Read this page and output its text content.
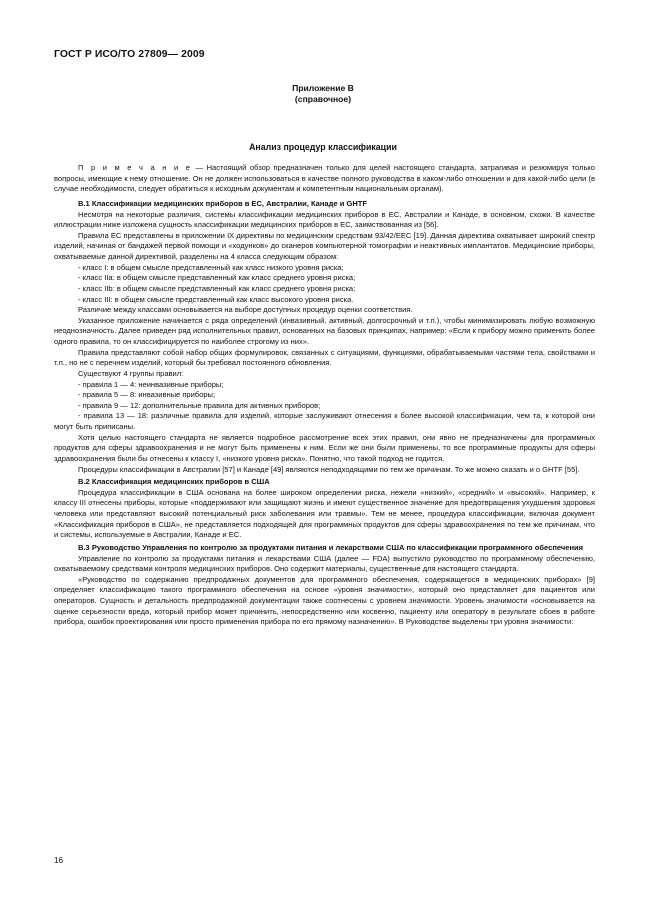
ГОСТ Р ИСО/ТО 27809— 2009
Приложение В
(справочное)
Анализ процедур классификации

П р и м е ч а н и е — Настоящий обзор предназначен только для целей настоящего стандарта, затрагивая и резюмируя только вопросы, имеющие к нему отношение. Он не должен использоваться в качестве полного руководства в каком-либо отношении и для какой-либо цели (в случае необходимости, следует обратиться к исходным документам и компетентным национальным органам).

В.1 Классификации медицинских приборов в ЕС, Австралии, Канаде и GHTF

Несмотря на некоторые различия, системы классификации медицинских приборов в ЕС, Австралии и Канаде, в основном, схожи. В качестве иллюстрации ниже изложена сущность классификации медицинских приборов в ЕС, заимствованная из [56].

Правила ЕС представлены в приложении IX директивы по медицинским средствам 93/42/ЕЕС [19]. Данная директива охватывает широкий спектр изделий, начиная от бандажей первой помощи и «ходунков» до сканеров компьютерной томографии и неактивных имплантатов. Медицинские приборы, охватываемые данной директивой, разделены на 4 класса следующим образом:

- класс I: в общем смысле представленный как класс низкого уровня риска;

- класс IIа: в общем смысле представленный как класс среднего уровня риска;

- класс IIb: в общем смысле представленный как класс среднего уровня риска;

- класс III: в общем смысле представленный как класс высокого уровня риска.

Различие между классами основывается на выборе доступных процедур оценки соответствия.

Указанное приложение начинается с ряда определений (инвазивный, активный, долгосрочный и т.п.), чтобы минимизировать любую возможную неоднозначность. Далее приведен ряд исполнительных правил, основанных на базовых принципах, например: «Если к прибору можно применить более одного правила, то он классифицируется по наиболее строгому из них».

Правила представляют собой набор общих формулировок, связанных с ситуациями, функциями, обрабатываемыми частями тела, свойствами и т.п., но не с перечнем изделий, который бы требовал постоянного обновления.

Существуют 4 группы правил:

- правила 1 — 4: неинвазивные приборы;

- правила 5 — 8: инвазивные приборы;

- правила 9 — 12: дополнительные правила для активных приборов;

- правила 13 — 18: различные правила для изделий, которые заслуживают отнесения к более высокой классификации, чем та, к которой они могут быть приписаны.

Хотя целью настоящего стандарта не является подробное рассмотрение всех этих правил, они явно не предназначены для программных продуктов для сферы здравоохранения и не могут быть применены к ним. Если же они были применены, то все программные продукты для сферы здравоохранения были бы отнесены к классу I, «низкого уровня риска». Понятно, что такой подход не годится.

Процедуры классификации в Австралии [57] и Канаде [49] являются неподходящими по тем же причинам. То же можно сказать и о GHTF [55].

В.2 Классификация медицинских приборов в США

Процедура классификации в США основана на более широком определении риска, нежели «низкий», «средний» и «высокий». Например, к классу III отнесены приборы, которые «поддерживают или защищают жизнь и имеют существенное значение для предотвращения ухудшения здоровья человека или представляют высокий потенциальный риск заболевания или травмы». Тем не менее, процедура классификации, включая документ «Классификация приборов в США», не представляется подходящей для программных продуктов для сферы здравоохранения по тем же причинам, что и системы, используемые в Австралии, Канаде и ЕС.

В.3 Руководство Управления по контролю за продуктами питания и лекарствами США по классификации программного обеспечения

Управление по контролю за продуктами питания и лекарствами США (далее — FDA) выпустило руководство по программному обеспечению, охватываемому средствами контроля медицинских приборов. Оно содержит материалы, существенные для настоящего стандарта.

«Руководство по содержанию предпродажных документов для программного обеспечения, содержащегося в медицинских приборах» [9] определяет классификацию такого программного обеспечения на основе «уровня значимости», который оно представляет для пациентов или операторов. Сущность и детальность предпродажной документации также соотнесены с уровнем значимости. Уровень значимости «основывается на оценке серьезности вреда, который прибор может причинить, непосредственно или косвенно, пациенту или оператору в результате сбоев в работе прибора, ошибок проектирования или просто применения прибора по его прямому назначению». В Руководстве выделены три уровня значимости:

16
